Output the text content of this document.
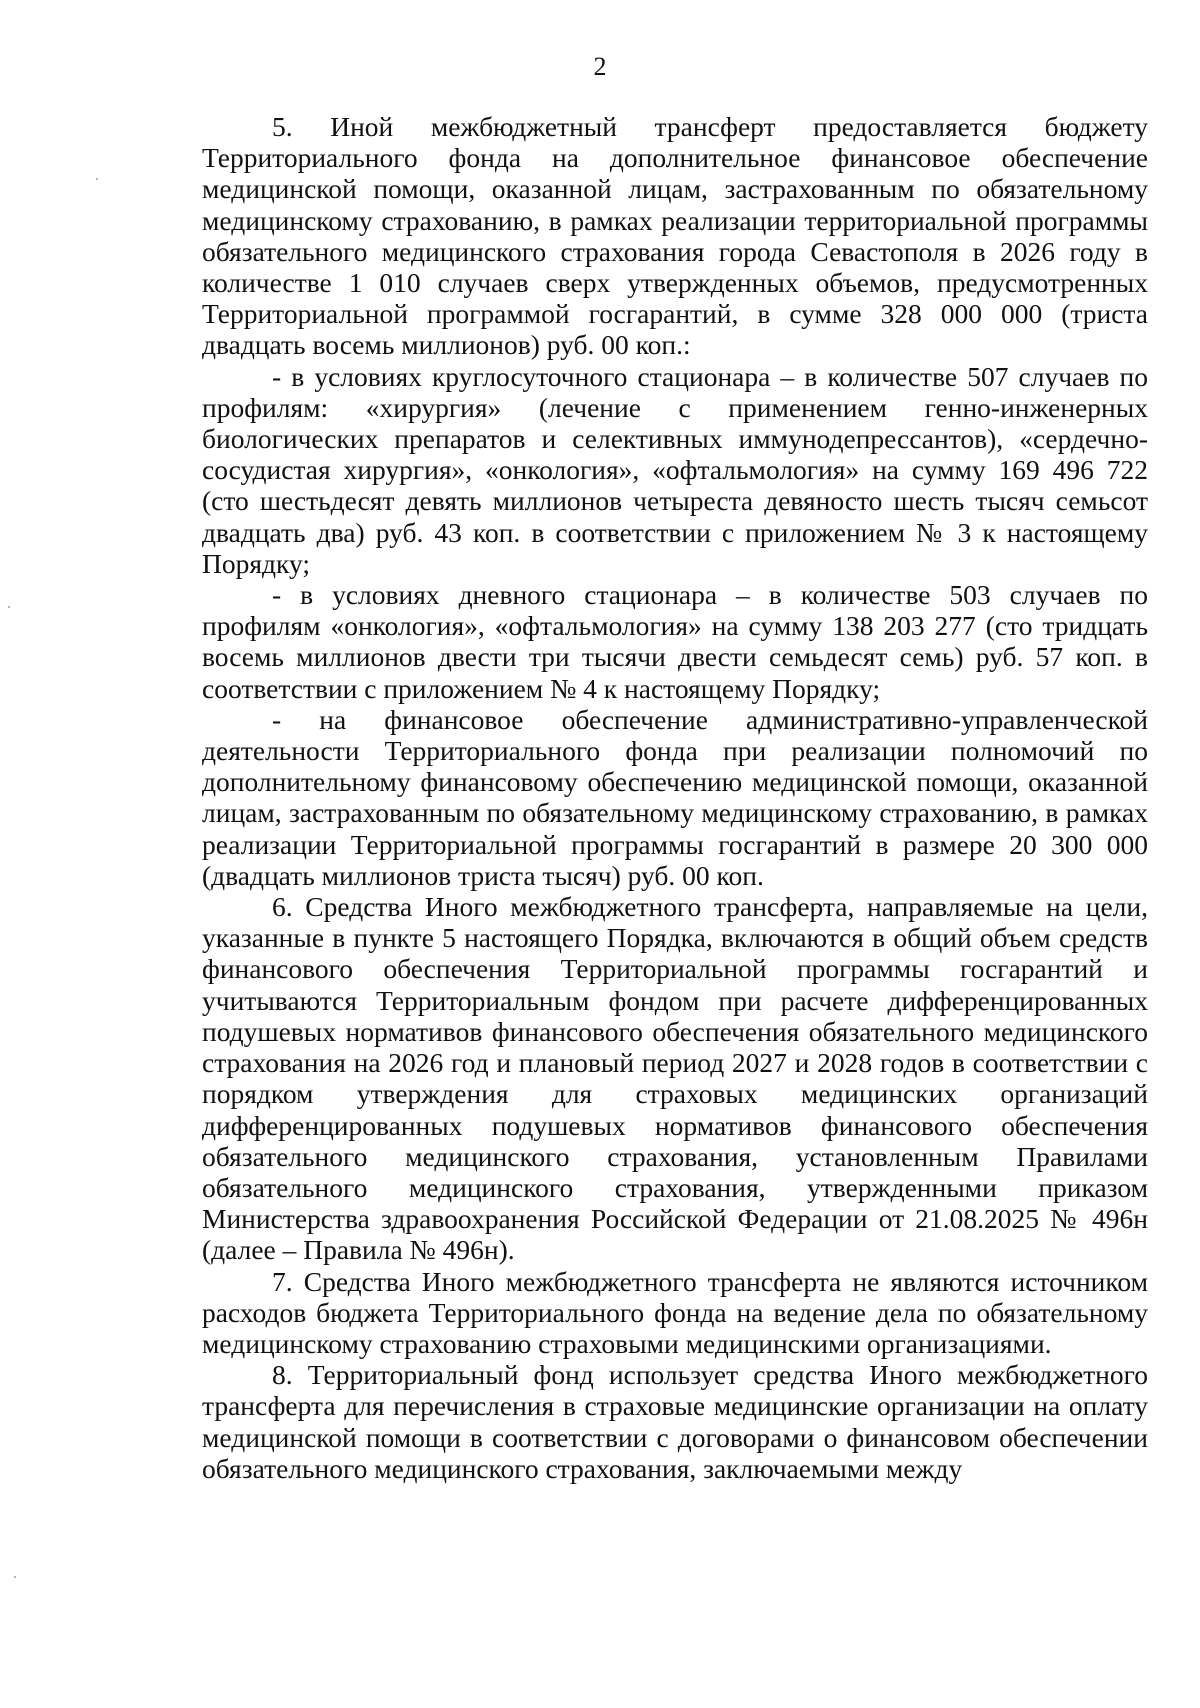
2

5. Иной межбюджетный трансферт предоставляется бюджету Территориального фонда на дополнительное финансовое обеспечение медицинской помощи, оказанной лицам, застрахованным по обязательному медицинскому страхованию, в рамках реализации территориальной программы обязательного медицинского страхования города Севастополя в 2026 году в количестве 1 010 случаев сверх утвержденных объемов, предусмотренных Территориальной программой госгарантий, в сумме 328 000 000 (триста двадцать восемь миллионов) руб. 00 коп.:

- в условиях круглосуточного стационара – в количестве 507 случаев по профилям: «хирургия» (лечение с применением генно-инженерных биологических препаратов и селективных иммунодепрессантов), «сердечно-сосудистая хирургия», «онкология», «офтальмология» на сумму 169 496 722 (сто шестьдесят девять миллионов четыреста девяносто шесть тысяч семьсот двадцать два) руб. 43 коп. в соответствии с приложением № 3 к настоящему Порядку;

- в условиях дневного стационара – в количестве 503 случаев по профилям «онкология», «офтальмология» на сумму 138 203 277 (сто тридцать восемь миллионов двести три тысячи двести семьдесят семь) руб. 57 коп. в соответствии с приложением № 4 к настоящему Порядку;

- на финансовое обеспечение административно-управленческой деятельности Территориального фонда при реализации полномочий по дополнительному финансовому обеспечению медицинской помощи, оказанной лицам, застрахованным по обязательному медицинскому страхованию, в рамках реализации Территориальной программы госгарантий в размере 20 300 000 (двадцать миллионов триста тысяч) руб. 00 коп.

6. Средства Иного межбюджетного трансферта, направляемые на цели, указанные в пункте 5 настоящего Порядка, включаются в общий объем средств финансового обеспечения Территориальной программы госгарантий и учитываются Территориальным фондом при расчете дифференцированных подушевых нормативов финансового обеспечения обязательного медицинского страхования на 2026 год и плановый период 2027 и 2028 годов в соответствии с порядком утверждения для страховых медицинских организаций дифференцированных подушевых нормативов финансового обеспечения обязательного медицинского страхования, установленным Правилами обязательного медицинского страхования, утвержденными приказом Министерства здравоохранения Российской Федерации от 21.08.2025 № 496н (далее – Правила № 496н).

7. Средства Иного межбюджетного трансферта не являются источником расходов бюджета Территориального фонда на ведение дела по обязательному медицинскому страхованию страховыми медицинскими организациями.

8. Территориальный фонд использует средства Иного межбюджетного трансферта для перечисления в страховые медицинские организации на оплату медицинской помощи в соответствии с договорами о финансовом обеспечении обязательного медицинского страхования, заключаемыми между
